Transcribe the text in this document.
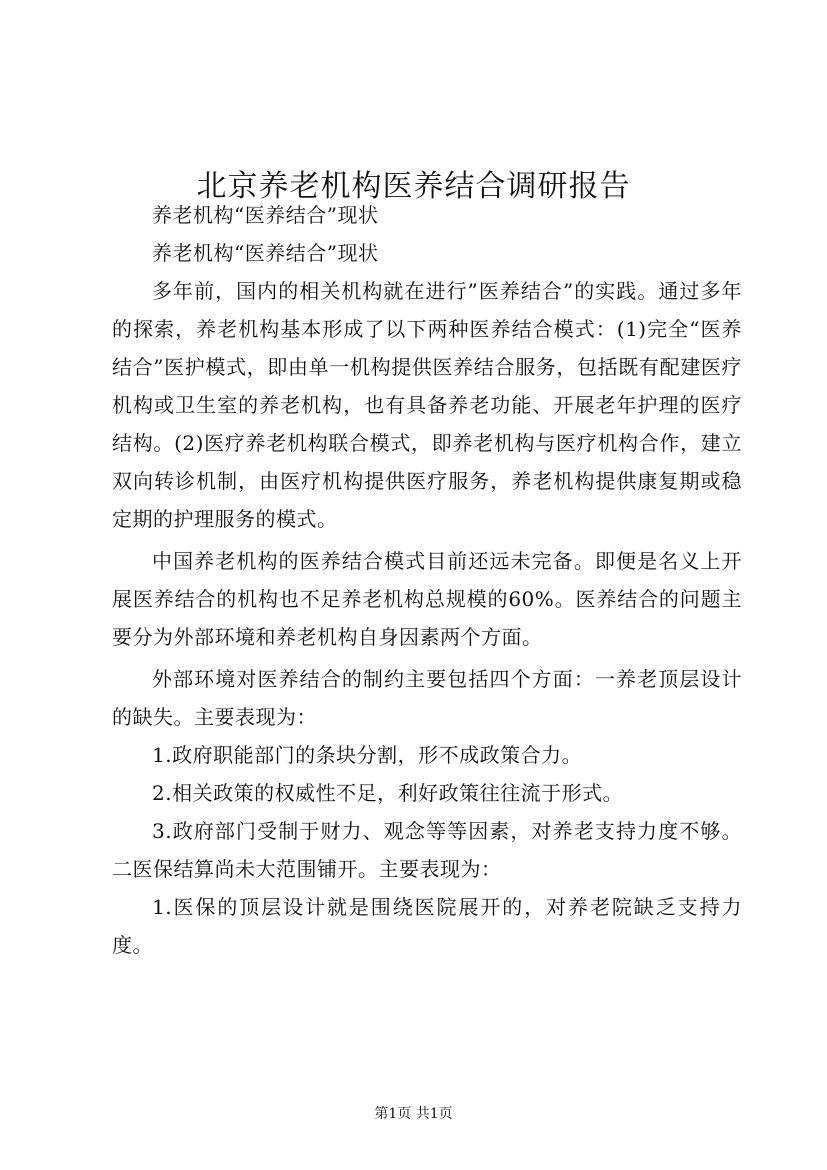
北京养老机构医养结合调研报告

养老机构“医养结合”现状

养老机构“医养结合”现状

多年前，国内的相关机构就在进行”医养结合”的实践。通过多年的探索，养老机构基本形成了以下两种医养结合模式：(1)完全“医养结合”医护模式，即由单一机构提供医养结合服务，包括既有配建医疗机构或卫生室的养老机构，也有具备养老功能、开展老年护理的医疗结构。(2)医疗养老机构联合模式，即养老机构与医疗机构合作，建立双向转诊机制，由医疗机构提供医疗服务，养老机构提供康复期或稳定期的护理服务的模式。

中国养老机构的医养结合模式目前还远未完备。即便是名义上开展医养结合的机构也不足养老机构总规模的60%。医养结合的问题主要分为外部环境和养老机构自身因素两个方面。

外部环境对医养结合的制约主要包括四个方面：一养老顶层设计的缺失。主要表现为：

1.政府职能部门的条块分割，形不成政策合力。

2.相关政策的权威性不足，利好政策往往流于形式。

3.政府部门受制于财力、观念等等因素，对养老支持力度不够。二医保结算尚未大范围铺开。主要表现为：

1.医保的顶层设计就是围绕医院展开的，对养老院缺乏支持力度。

第1页 共1页
